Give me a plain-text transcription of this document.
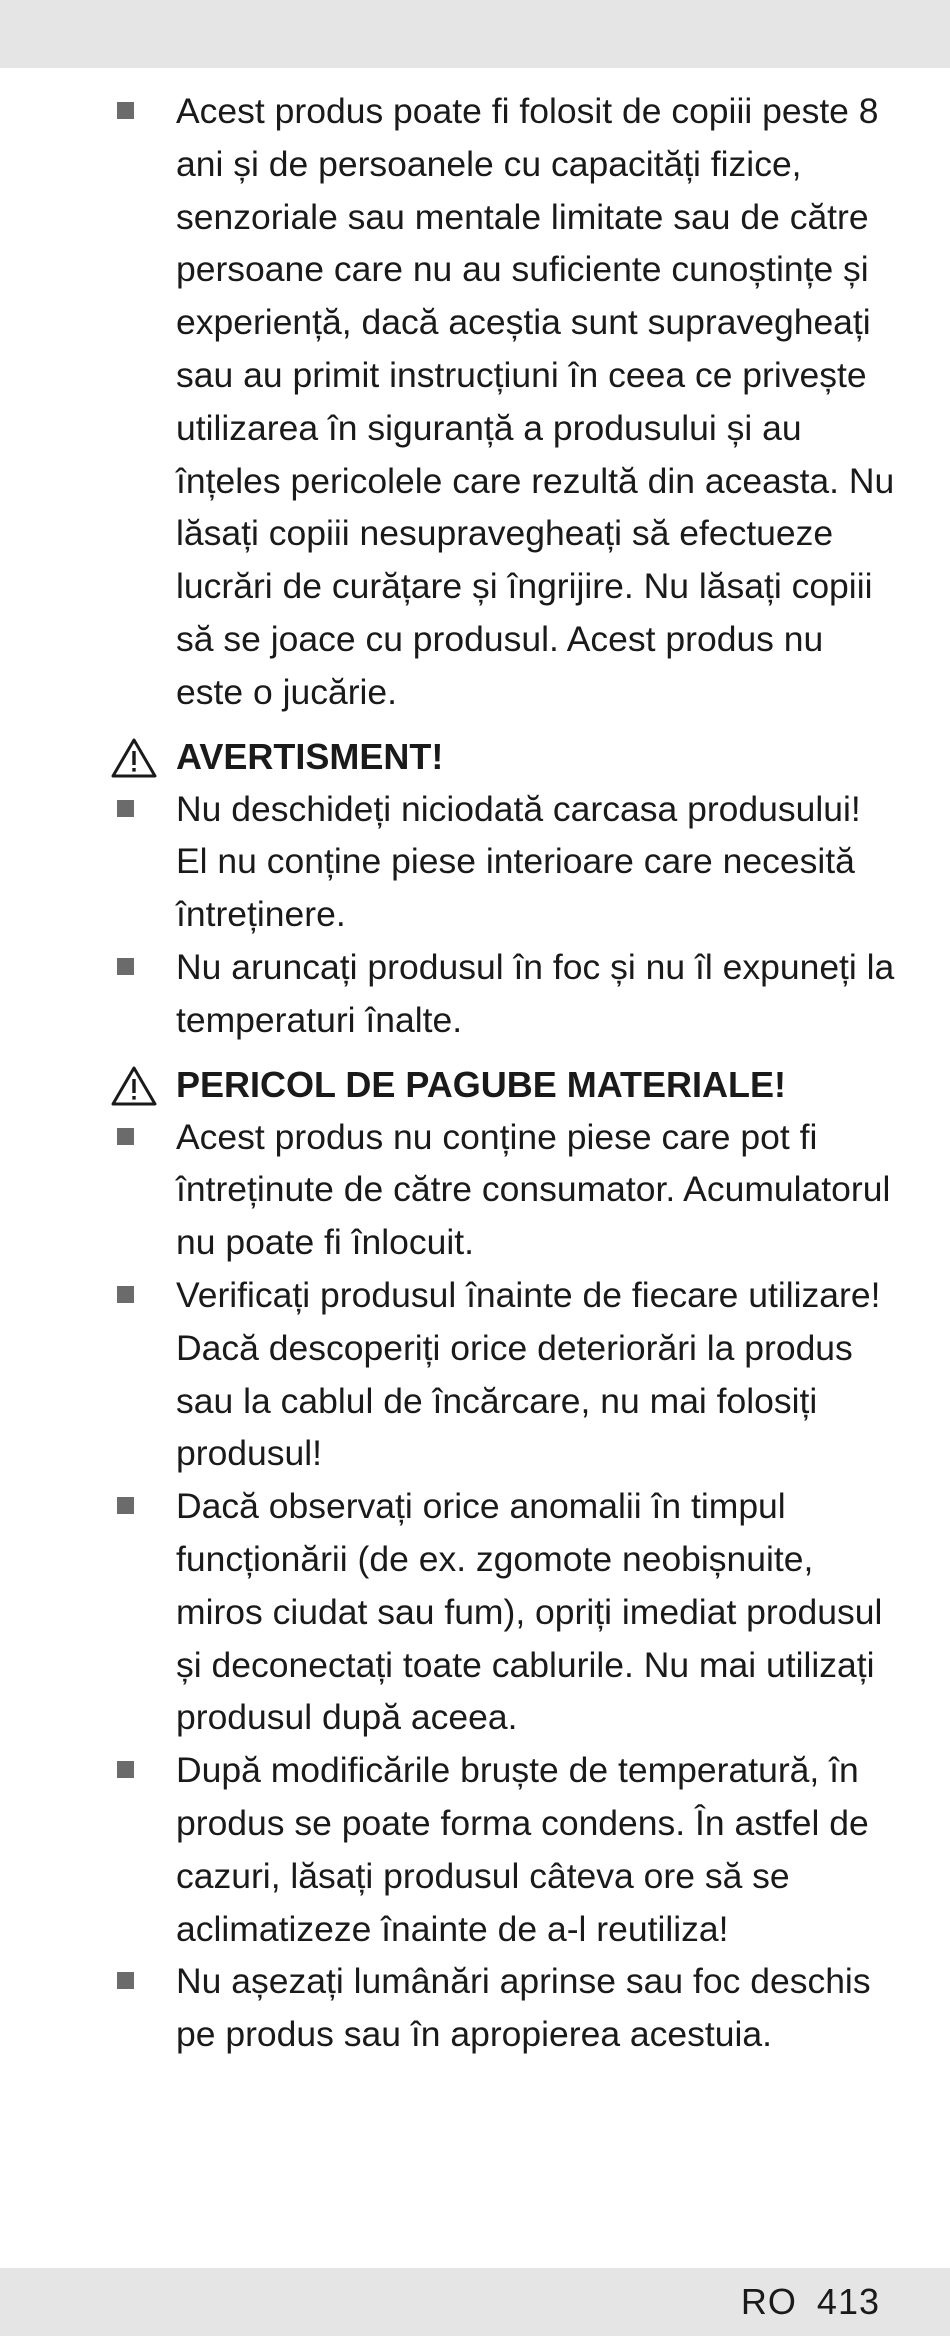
Acest produs poate fi folosit de copiii peste 8 ani și de persoanele cu capacități fizice, senzoriale sau mentale limitate sau de către persoane care nu au suficiente cunoștințe și experiență, dacă aceștia sunt supravegheați sau au primit instrucțiuni în ceea ce privește utilizarea în siguranță a produsului și au înțeles pericolele care rezultă din aceasta. Nu lăsați copiii nesupravegheați să efectueze lucrări de curățare și îngrijire. Nu lăsați copiii să se joace cu produsul. Acest produs nu este o jucărie.
AVERTISMENT!
Nu deschideți niciodată carcasa produsului! El nu conține piese interioare care necesită întreținere.
Nu aruncați produsul în foc și nu îl expuneți la temperaturi înalte.
PERICOL DE PAGUBE MATERIALE!
Acest produs nu conține piese care pot fi întreținute de către consumator. Acumulatorul nu poate fi înlocuit.
Verificați produsul înainte de fiecare utilizare! Dacă descoperiți orice deteriorări la produs sau la cablul de încărcare, nu mai folosiți produsul!
Dacă observați orice anomalii în timpul funcționării (de ex. zgomote neobișnuite, miros ciudat sau fum), opriți imediat produsul și deconectați toate cablurile. Nu mai utilizați produsul după aceea.
După modificările bruște de temperatură, în produs se poate forma condens. În astfel de cazuri, lăsați produsul câteva ore să se aclimatizeze înainte de a-l reutiliza!
Nu așezați lumânări aprinse sau foc deschis pe produs sau în apropierea acestuia.
RO 413
